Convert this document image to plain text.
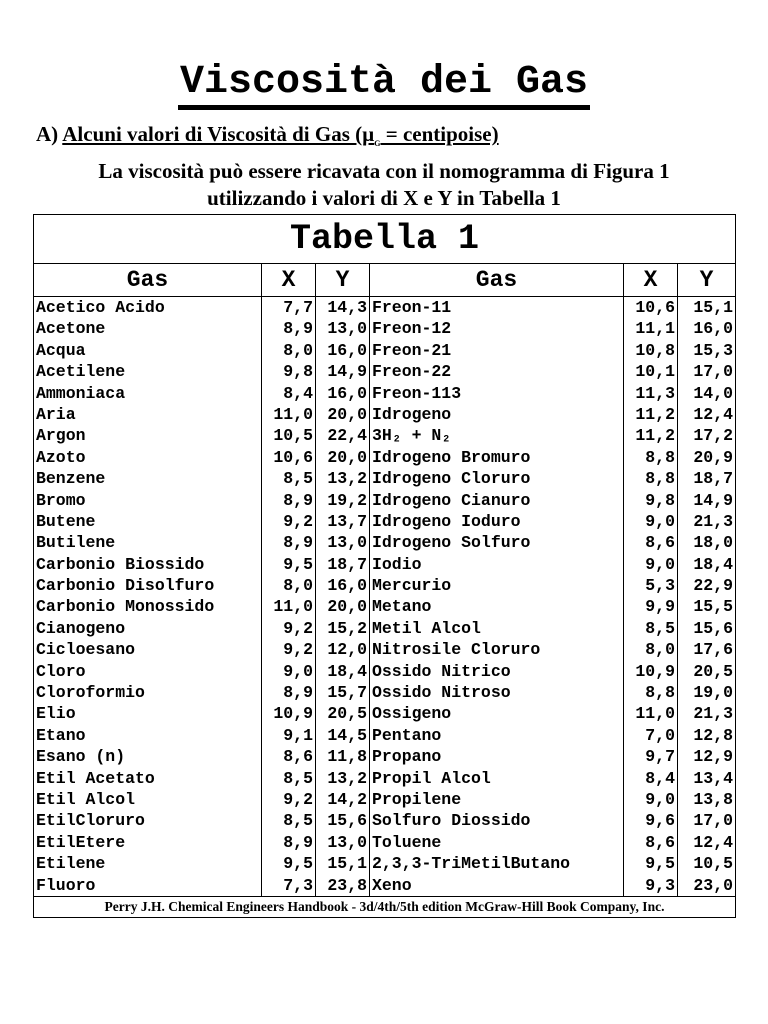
Viscosità dei Gas
A) Alcuni valori di Viscosità di Gas (µ$_G$ = centipoise)
La viscosità può essere ricavata con il nomogramma di Figura 1
utilizzando i valori di X e Y in Tabella 1
Tabella 1
Gas	X	Y	Gas	X	Y
Acetico Acido	7,7 14,3 Freon-11	10,6	15,1
Acetone	8,9 13,0 Freon-12	11,1	16,0
Acqua	8,0 16,0 Freon-21	10,8	15,3
Acetilene	9,8 14,9 Freon-22	10,1	17,0
Ammoniaca	8,4 16,0 Freon-113	11,3	14,0
Aria	11,0 20,0 Idrogeno	11,2	12,4
Argon	10,5 22,4 3H₂ + N₂	11,2	17,2
Azoto	10,6 20,0 Idrogeno Bromuro	8,8	20,9
Benzene	8,5 13,2 Idrogeno Cloruro	8,8	18,7
Bromo	8,9 19,2 Idrogeno Cianuro	9,8	14,9
Butene	9,2 13,7 Idrogeno Ioduro	9,0	21,3
Butilene	8,9 13,0 Idrogeno Solfuro	8,6	18,0
Carbonio Biossido	9,5 18,7 Iodio	9,0	18,4
Carbonio Disolfuro	8,0 16,0 Mercurio	5,3	22,9
Carbonio Monossido	11,0 20,0 Metano	9,9	15,5
Cianogeno	9,2 15,2 Metil Alcol	8,5	15,6
Cicloesano	9,2 12,0 Nitrosile Cloruro	8,0	17,6
Cloro	9,0 18,4 Ossido Nitrico	10,9	20,5
Cloroformio	8,9 15,7 Ossido Nitroso	8,8	19,0
Elio	10,9 20,5 Ossigeno	11,0	21,3
Etano	9,1 14,5 Pentano	7,0	12,8
Esano (n)	8,6 11,8 Propano	9,7	12,9
Etil Acetato	8,5 13,2 Propil Alcol	8,4	13,4
Etil Alcol	9,2 14,2 Propilene	9,0	13,8
EtilCloruro	8,5 15,6 Solfuro Diossido	9,6	17,0
EtilEtere	8,9 13,0 Toluene	8,6	12,4
Etilene	9,5 15,1 2,3,3-TriMetilButano	9,5	10,5
Fluoro	7,3 23,8 Xeno	9,3	23,0
Perry J.H. Chemical Engineers Handbook - 3d/4th/5th edition McGraw-Hill Book Company, Inc.
